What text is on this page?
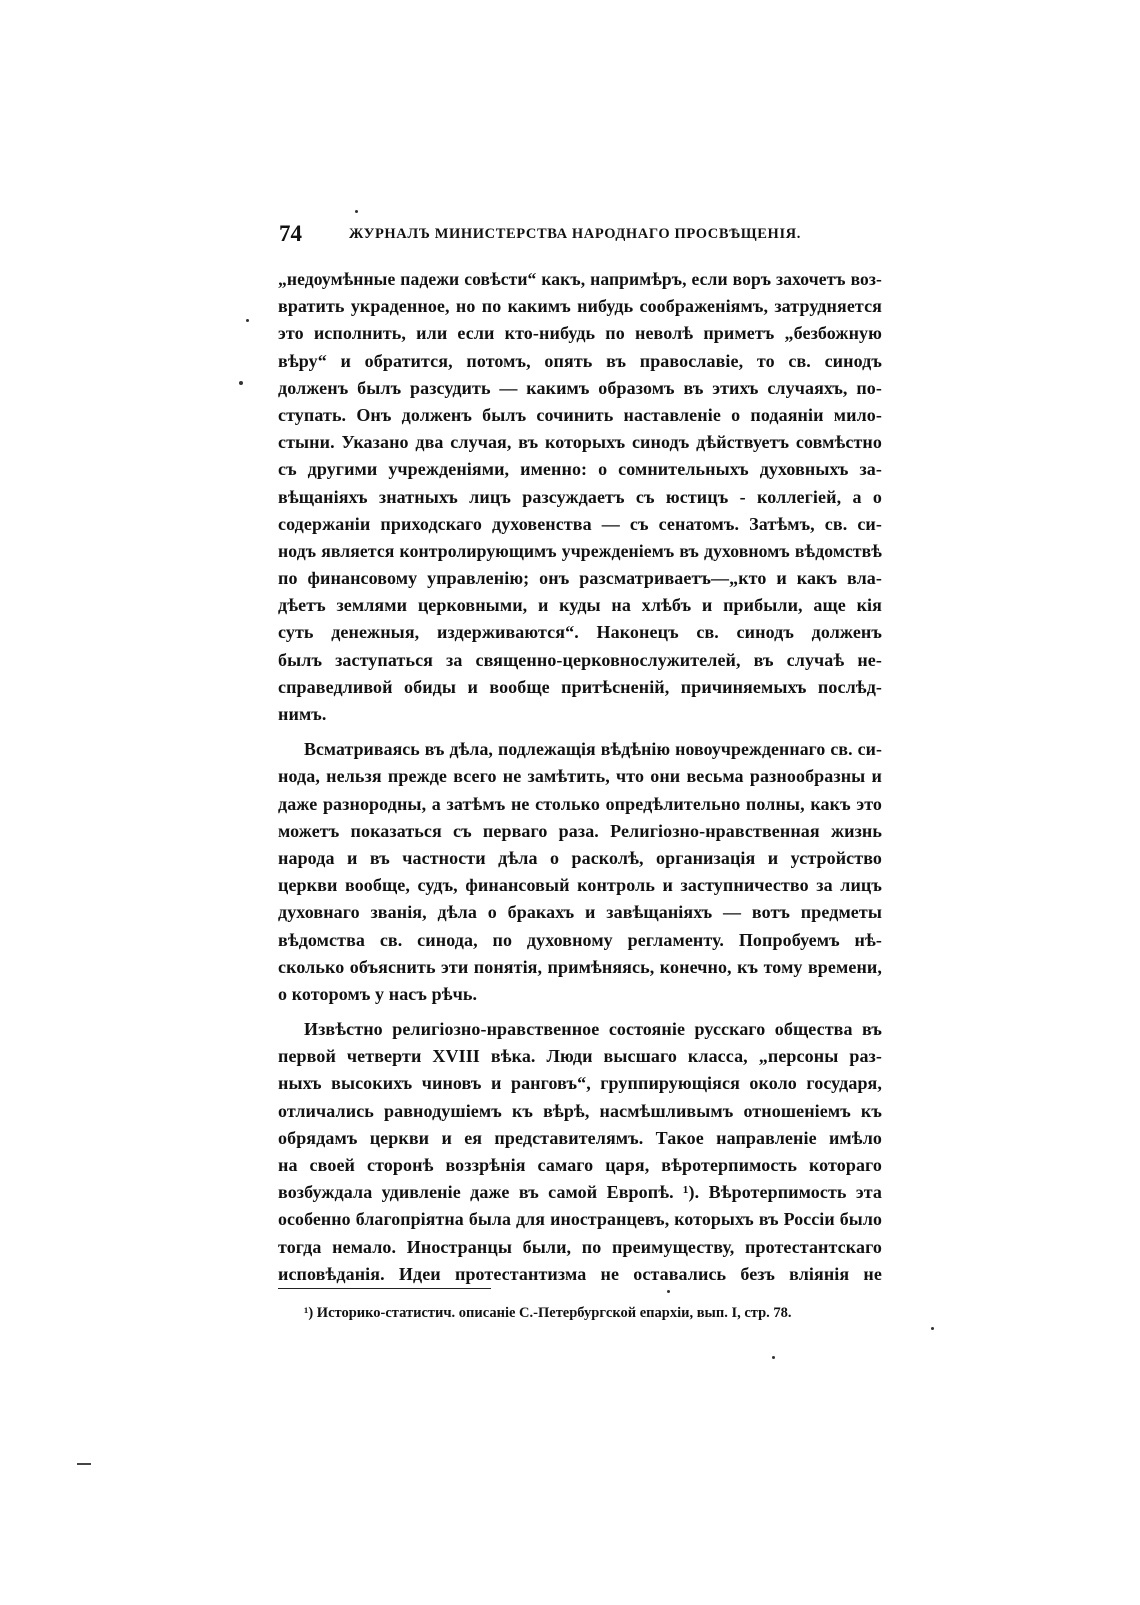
74	ЖУРНАЛЪ МИНИСТЕРСТВА НАРОДНАГО ПРОСВѢЩЕНІЯ.
„недоумѣнные падежи совѣсти“ какъ, напримѣръ, если воръ захочетъ воз-
вратить украденное, но по какимъ нибудь соображеніямъ, затрудняется
это исполнить, или если кто-нибудь по неволѣ приметъ „безбожную
вѣру“ и обратится, потомъ, опять въ православіе, то св. синодъ
долженъ былъ разсудить — какимъ образомъ въ этихъ случаяхъ, по-
ступать. Онъ долженъ былъ сочинить наставленіе о подаяніи мило-
стыни. Указано два случая, въ которыхъ синодъ дѣйствуетъ совмѣстно
съ другими учрежденіями, именно: о сомнительныхъ духовныхъ за-
вѣщаніяхъ знатныхъ лицъ разсуждаетъ съ юстицъ - коллегіей, а о
содержаніи приходскаго духовенства — съ сенатомъ. Затѣмъ, св. си-
нодъ является контролирующимъ учрежденіемъ въ духовномъ вѣдомствѣ
по финансовому управленію; онъ разсматриваетъ—„кто и какъ вла-
дѣетъ землями церковными, и куды на хлѣбъ и прибыли, аще кія
суть денежныя, издерживаются“. Наконецъ св. синодъ долженъ
былъ заступаться за священно-церковнослужителей, въ случаѣ не-
справедливой обиды и вообще притѣсненій, причиняемыхъ послѣд-
нимъ.
Всматриваясь въ дѣла, подлежащія вѣдѣнію новоучрежденнаго св. си-
нода, нельзя прежде всего не замѣтить, что они весьма разнообразны и
даже разнородны, а затѣмъ не столько опредѣлительно полны, какъ это
можетъ показаться съ перваго раза. Религіозно-нравственная жизнь
народа и въ частности дѣла о расколѣ, организація и устройство
церкви вообще, судъ, финансовый контроль и заступничество за лицъ
духовнаго званія, дѣла о бракахъ и завѣщаніяхъ — вотъ предметы
вѣдомства св. синода, по духовному регламенту. Попробуемъ нѣ-
сколько объяснить эти понятія, примѣняясь, конечно, къ тому времени,
о которомъ у насъ рѣчь.
Извѣстно религіозно-нравственное состояніе русскаго общества въ
первой четверти XVIII вѣка. Люди высшаго класса, „персоны раз-
ныхъ высокихъ чиновъ и ранговъ“, группирующіяся около государя,
отличались равнодушіемъ къ вѣрѣ, насмѣшливымъ отношеніемъ къ
обрядамъ церкви и ея представителямъ. Такое направленіе имѣло
на своей сторонѣ воззрѣнія самаго царя, вѣротерпимость котораго
возбуждала удивленіе даже въ самой Европѣ. ¹). Вѣротерпимость эта
особенно благопріятна была для иностранцевъ, которыхъ въ Россіи было
тогда немало. Иностранцы были, по преимуществу, протестантскаго
исповѣданія. Идеи протестантизма не оставались безъ вліянія не
¹) Историко-статистич. описаніе С.-Петербургской епархіи, вып. I, стр. 78.
